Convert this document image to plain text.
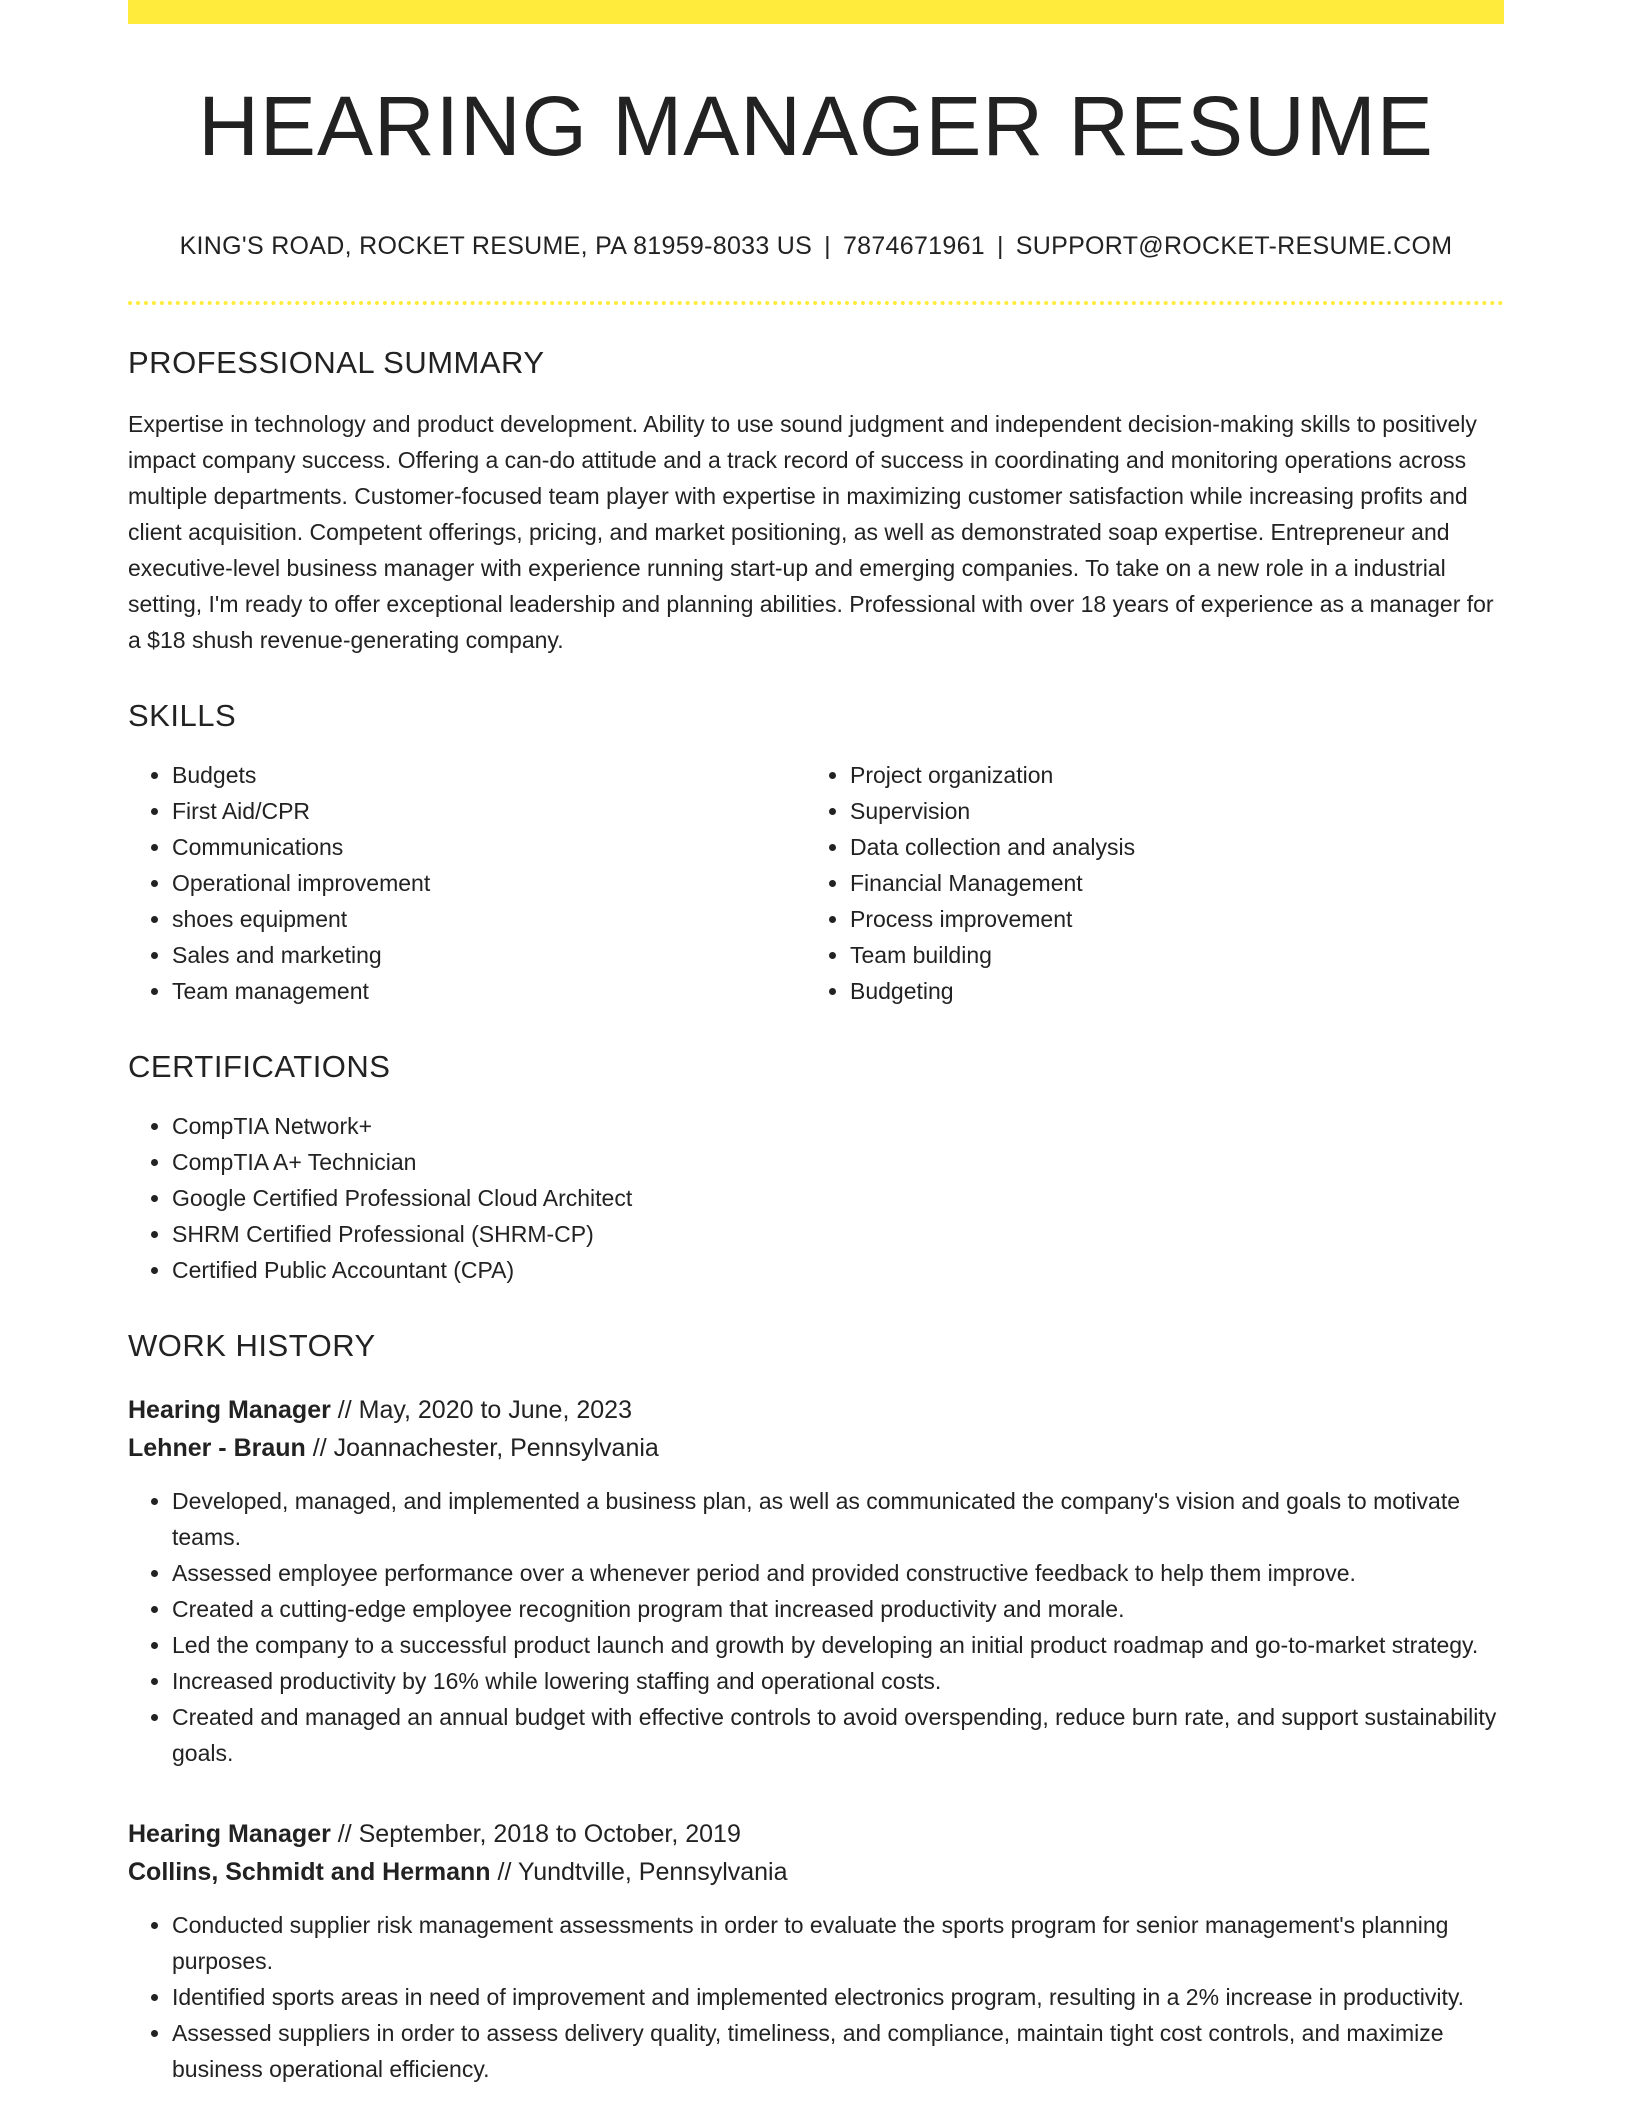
HEARING MANAGER RESUME
KING'S ROAD, ROCKET RESUME, PA 81959-8033 US | 7874671961 | SUPPORT@ROCKET-RESUME.COM
PROFESSIONAL SUMMARY

Expertise in technology and product development. Ability to use sound judgment and independent decision-making skills to positively impact company success. Offering a can-do attitude and a track record of success in coordinating and monitoring operations across multiple departments. Customer-focused team player with expertise in maximizing customer satisfaction while increasing profits and client acquisition. Competent offerings, pricing, and market positioning, as well as demonstrated soap expertise. Entrepreneur and executive-level business manager with experience running start-up and emerging companies. To take on a new role in a industrial setting, I'm ready to offer exceptional leadership and planning abilities. Professional with over 18 years of experience as a manager for a $18 shush revenue-generating company.

SKILLS
• Budgets
• First Aid/CPR
• Communications
• Operational improvement
• shoes equipment
• Sales and marketing
• Team management
• Project organization
• Supervision
• Data collection and analysis
• Financial Management
• Process improvement
• Team building
• Budgeting
CERTIFICATIONS
• CompTIA Network+
• CompTIA A+ Technician
• Google Certified Professional Cloud Architect
• SHRM Certified Professional (SHRM-CP)
• Certified Public Accountant (CPA)
WORK HISTORY
Hearing Manager // May, 2020 to June, 2023
Lehner - Braun // Joannachester, Pennsylvania
• Developed, managed, and implemented a business plan, as well as communicated the company's vision and goals to motivate teams.
• Assessed employee performance over a whenever period and provided constructive feedback to help them improve.
• Created a cutting-edge employee recognition program that increased productivity and morale.
• Led the company to a successful product launch and growth by developing an initial product roadmap and go-to-market strategy.
• Increased productivity by 16% while lowering staffing and operational costs.
• Created and managed an annual budget with effective controls to avoid overspending, reduce burn rate, and support sustainability goals.
Hearing Manager // September, 2018 to October, 2019
Collins, Schmidt and Hermann // Yundtville, Pennsylvania
• Conducted supplier risk management assessments in order to evaluate the sports program for senior management's planning purposes.
• Identified sports areas in need of improvement and implemented electronics program, resulting in a 2% increase in productivity.
• Assessed suppliers in order to assess delivery quality, timeliness, and compliance, maintain tight cost controls, and maximize business operational efficiency.
